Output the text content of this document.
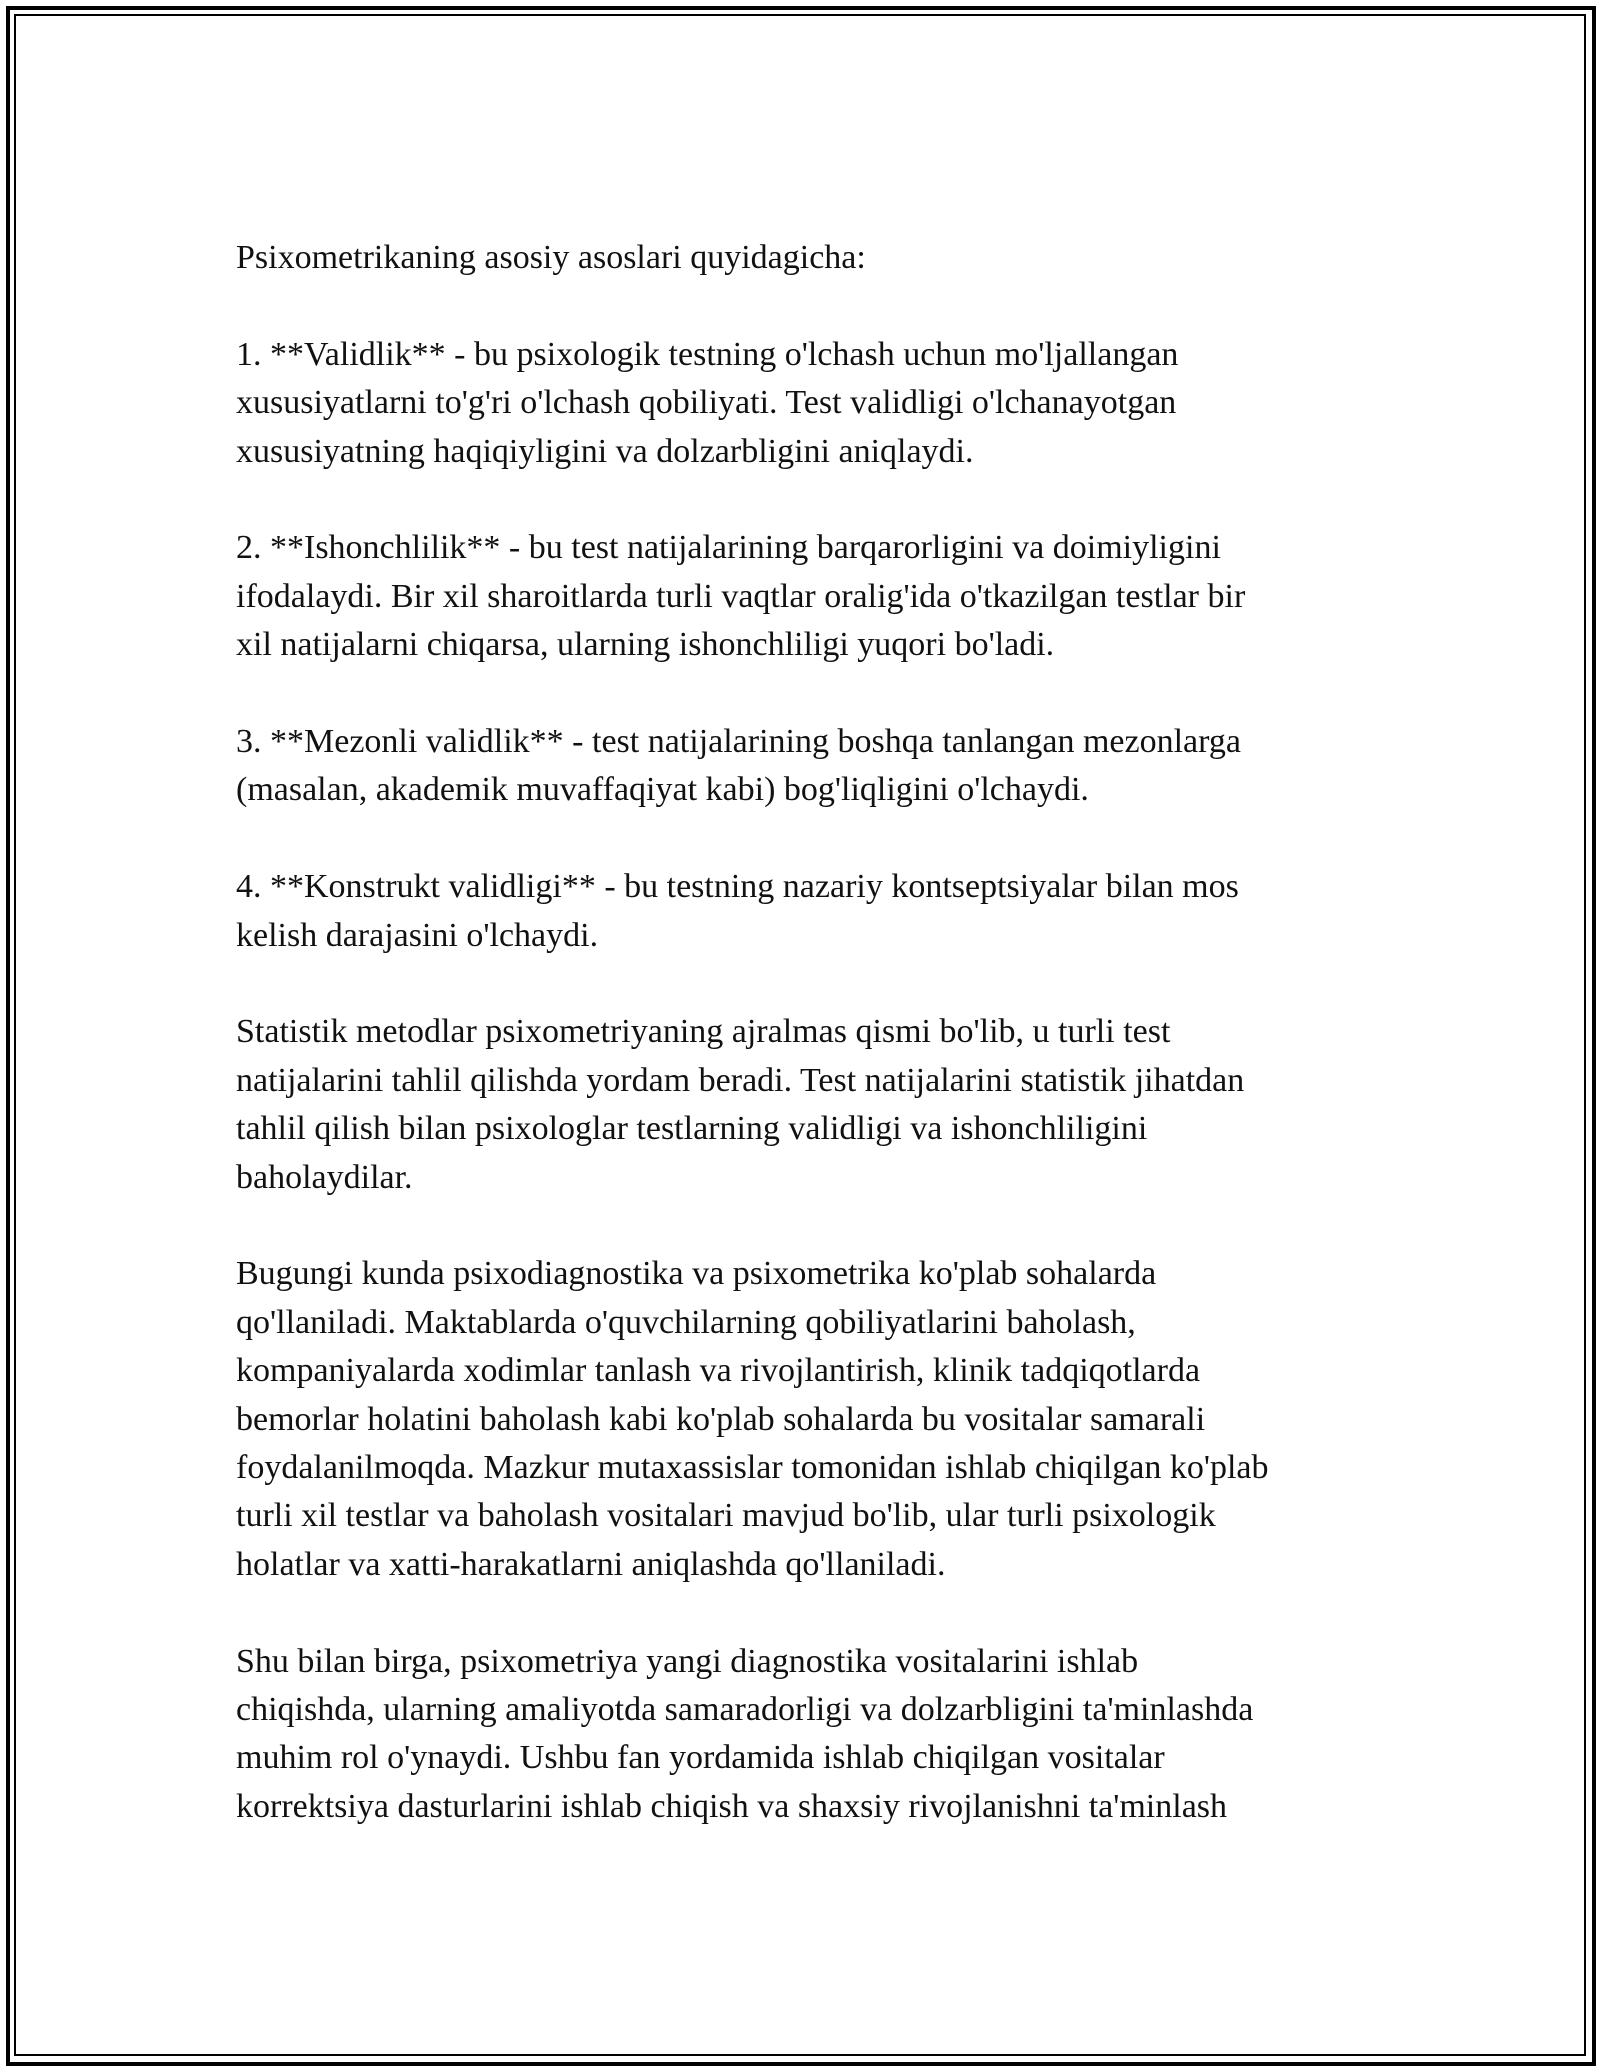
Psixometrikaning asosiy asoslari quyidagicha:

1. **Validlik** - bu psixologik testning o'lchash uchun mo'ljallangan
xususiyatlarni to'g'ri o'lchash qobiliyati. Test validligi o'lchanayotgan
xususiyatning haqiqiyligini va dolzarbligini aniqlaydi.

2. **Ishonchlilik** - bu test natijalarining barqarorligini va doimiyligini
ifodalaydi. Bir xil sharoitlarda turli vaqtlar oralig'ida o'tkazilgan testlar bir
xil natijalarni chiqarsa, ularning ishonchliligi yuqori bo'ladi.

3. **Mezonli validlik** - test natijalarining boshqa tanlangan mezonlarga
(masalan, akademik muvaffaqiyat kabi) bog'liqligini o'lchaydi.

4. **Konstrukt validligi** - bu testning nazariy kontseptsiyalar bilan mos
kelish darajasini o'lchaydi.

Statistik metodlar psixometriyaning ajralmas qismi bo'lib, u turli test
natijalarini tahlil qilishda yordam beradi. Test natijalarini statistik jihatdan
tahlil qilish bilan psixologlar testlarning validligi va ishonchliligini
baholaydilar.

Bugungi kunda psixodiagnostika va psixometrika ko'plab sohalarda
qo'llaniladi. Maktablarda o'quvchilarning qobiliyatlarini baholash,
kompaniyalarda xodimlar tanlash va rivojlantirish, klinik tadqiqotlarda
bemorlar holatini baholash kabi ko'plab sohalarda bu vositalar samarali
foydalanilmoqda. Mazkur mutaxassislar tomonidan ishlab chiqilgan ko'plab
turli xil testlar va baholash vositalari mavjud bo'lib, ular turli psixologik
holatlar va xatti-harakatlarni aniqlashda qo'llaniladi.

Shu bilan birga, psixometriya yangi diagnostika vositalarini ishlab
chiqishda, ularning amaliyotda samaradorligi va dolzarbligini ta'minlashda
muhim rol o'ynaydi. Ushbu fan yordamida ishlab chiqilgan vositalar
korrektsiya dasturlarini ishlab chiqish va shaxsiy rivojlanishni ta'minlash
